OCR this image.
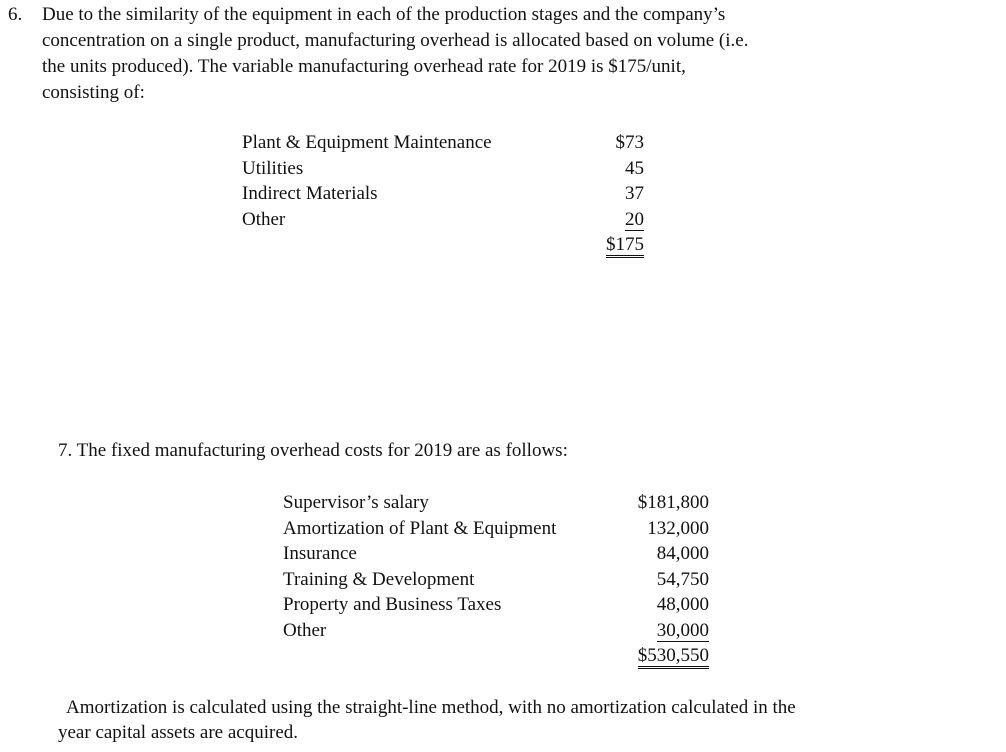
6. Due to the similarity of the equipment in each of the production stages and the company’s
concentration on a single product, manufacturing overhead is allocated based on volume (i.e.
the units produced). The variable manufacturing overhead rate for 2019 is $175/unit,
consisting of:
Plant & Equipment Maintenance	$73
Utilities	45
Indirect Materials	37
Other	20
$175
7. The fixed manufacturing overhead costs for 2019 are as follows:
Supervisor’s salary	$181,800
Amortization of Plant & Equipment	132,000
Insurance	84,000
Training & Development	54,750
Property and Business Taxes	48,000
Other	30,000
$530,550
Amortization is calculated using the straight-line method, with no amortization calculated in the
year capital assets are acquired.
